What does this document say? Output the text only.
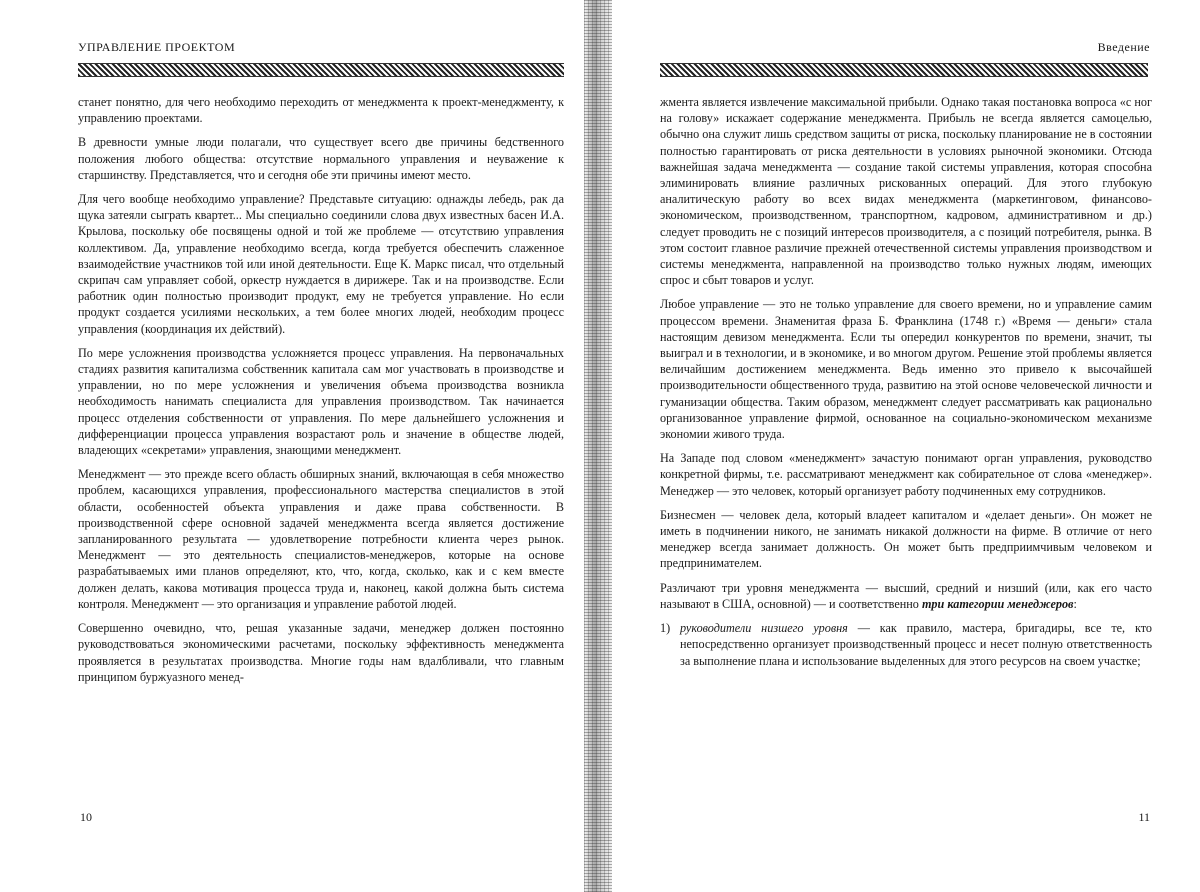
УПРАВЛЕНИЕ ПРОЕКТОМ

станет понятно, для чего необходимо переходить от менеджмента к проект-менеджменту, к управлению проектами.

В древности умные люди полагали, что существует всего две причины бедственного положения любого общества: отсутствие нормального управления и неуважение к старшинству. Представляется, что и сегодня обе эти причины имеют место.

Для чего вообще необходимо управление? Представьте ситуацию: однажды лебедь, рак да щука затеяли сыграть квартет... Мы специально соединили слова двух известных басен И.А. Крылова, поскольку обе посвящены одной и той же проблеме — отсутствию управления коллективом. Да, управление необходимо всегда, когда требуется обеспечить слаженное взаимодействие участников той или иной деятельности. Еще К. Маркс писал, что отдельный скрипач сам управляет собой, оркестр нуждается в дирижере. Так и на производстве. Если работник один полностью производит продукт, ему не требуется управление. Но если продукт создается усилиями нескольких, а тем более многих людей, необходим процесс управления (координация их действий).

По мере усложнения производства усложняется процесс управления. На первоначальных стадиях развития капитализма собственник капитала сам мог участвовать в производстве и управлении, но по мере усложнения и увеличения объема производства возникла необходимость нанимать специалиста для управления производством. Так начинается процесс отделения собственности от управления. По мере дальнейшего усложнения и дифференциации процесса управления возрастают роль и значение в обществе людей, владеющих «секретами» управления, знающими менеджмент.

Менеджмент — это прежде всего область обширных знаний, включающая в себя множество проблем, касающихся управления, профессионального мастерства специалистов в этой области, особенностей объекта управления и даже права собственности. В производственной сфере основной задачей менеджмента всегда является достижение запланированного результата — удовлетворение потребности клиента через рынок. Менеджмент — это деятельность специалистов-менеджеров, которые на основе разрабатываемых ими планов определяют, кто, что, когда, сколько, как и с кем вместе должен делать, какова мотивация процесса труда и, наконец, какой должна быть система контроля. Менеджмент — это организация и управление работой людей.

Совершенно очевидно, что, решая указанные задачи, менеджер должен постоянно руководствоваться экономическими расчетами, поскольку эффективность менеджмента проявляется в результатах производства. Многие годы нам вдалбливали, что главным принципом буржуазного менед-

10
Введение

жмента является извлечение максимальной прибыли. Однако такая постановка вопроса «с ног на голову» искажает содержание менеджмента. Прибыль не всегда является самоцелью, обычно она служит лишь средством защиты от риска, поскольку планирование не в состоянии полностью гарантировать от риска деятельности в условиях рыночной экономики. Отсюда важнейшая задача менеджмента — создание такой системы управления, которая способна элиминировать влияние различных рискованных операций. Для этого глубокую аналитическую работу во всех видах менеджмента (маркетинговом, финансово-экономическом, производственном, транспортном, кадровом, административном и др.) следует проводить не с позиций интересов производителя, а с позиций потребителя, рынка. В этом состоит главное различие прежней отечественной системы управления производством и системы менеджмента, направленной на производство только нужных людям, имеющих спрос и сбыт товаров и услуг.

Любое управление — это не только управление для своего времени, но и управление самим процессом времени. Знаменитая фраза Б. Франклина (1748 г.) «Время — деньги» стала настоящим девизом менеджмента. Если ты опередил конкурентов по времени, значит, ты выиграл и в технологии, и в экономике, и во многом другом. Решение этой проблемы является величайшим достижением менеджмента. Ведь именно это привело к высочайшей производительности общественного труда, развитию на этой основе человеческой личности и гуманизации общества. Таким образом, менеджмент следует рассматривать как рационально организованное управление фирмой, основанное на социально-экономическом механизме экономии живого труда.

На Западе под словом «менеджмент» зачастую понимают орган управления, руководство конкретной фирмы, т.е. рассматривают менеджмент как собирательное от слова «менеджер». Менеджер — это человек, который организует работу подчиненных ему сотрудников.

Бизнесмен — человек дела, который владеет капиталом и «делает деньги». Он может не иметь в подчинении никого, не занимать никакой должности на фирме. В отличие от него менеджер всегда занимает должность. Он может быть предприимчивым человеком и предпринимателем.

Различают три уровня менеджмента — высший, средний и низший (или, как его часто называют в США, основной) — и соответственно три категории менеджеров:

1) руководители низшего уровня — как правило, мастера, бригадиры, все те, кто непосредственно организует производственный процесс и несет полную ответственность за выполнение плана и использование выделенных для этого ресурсов на своем участке;
11
